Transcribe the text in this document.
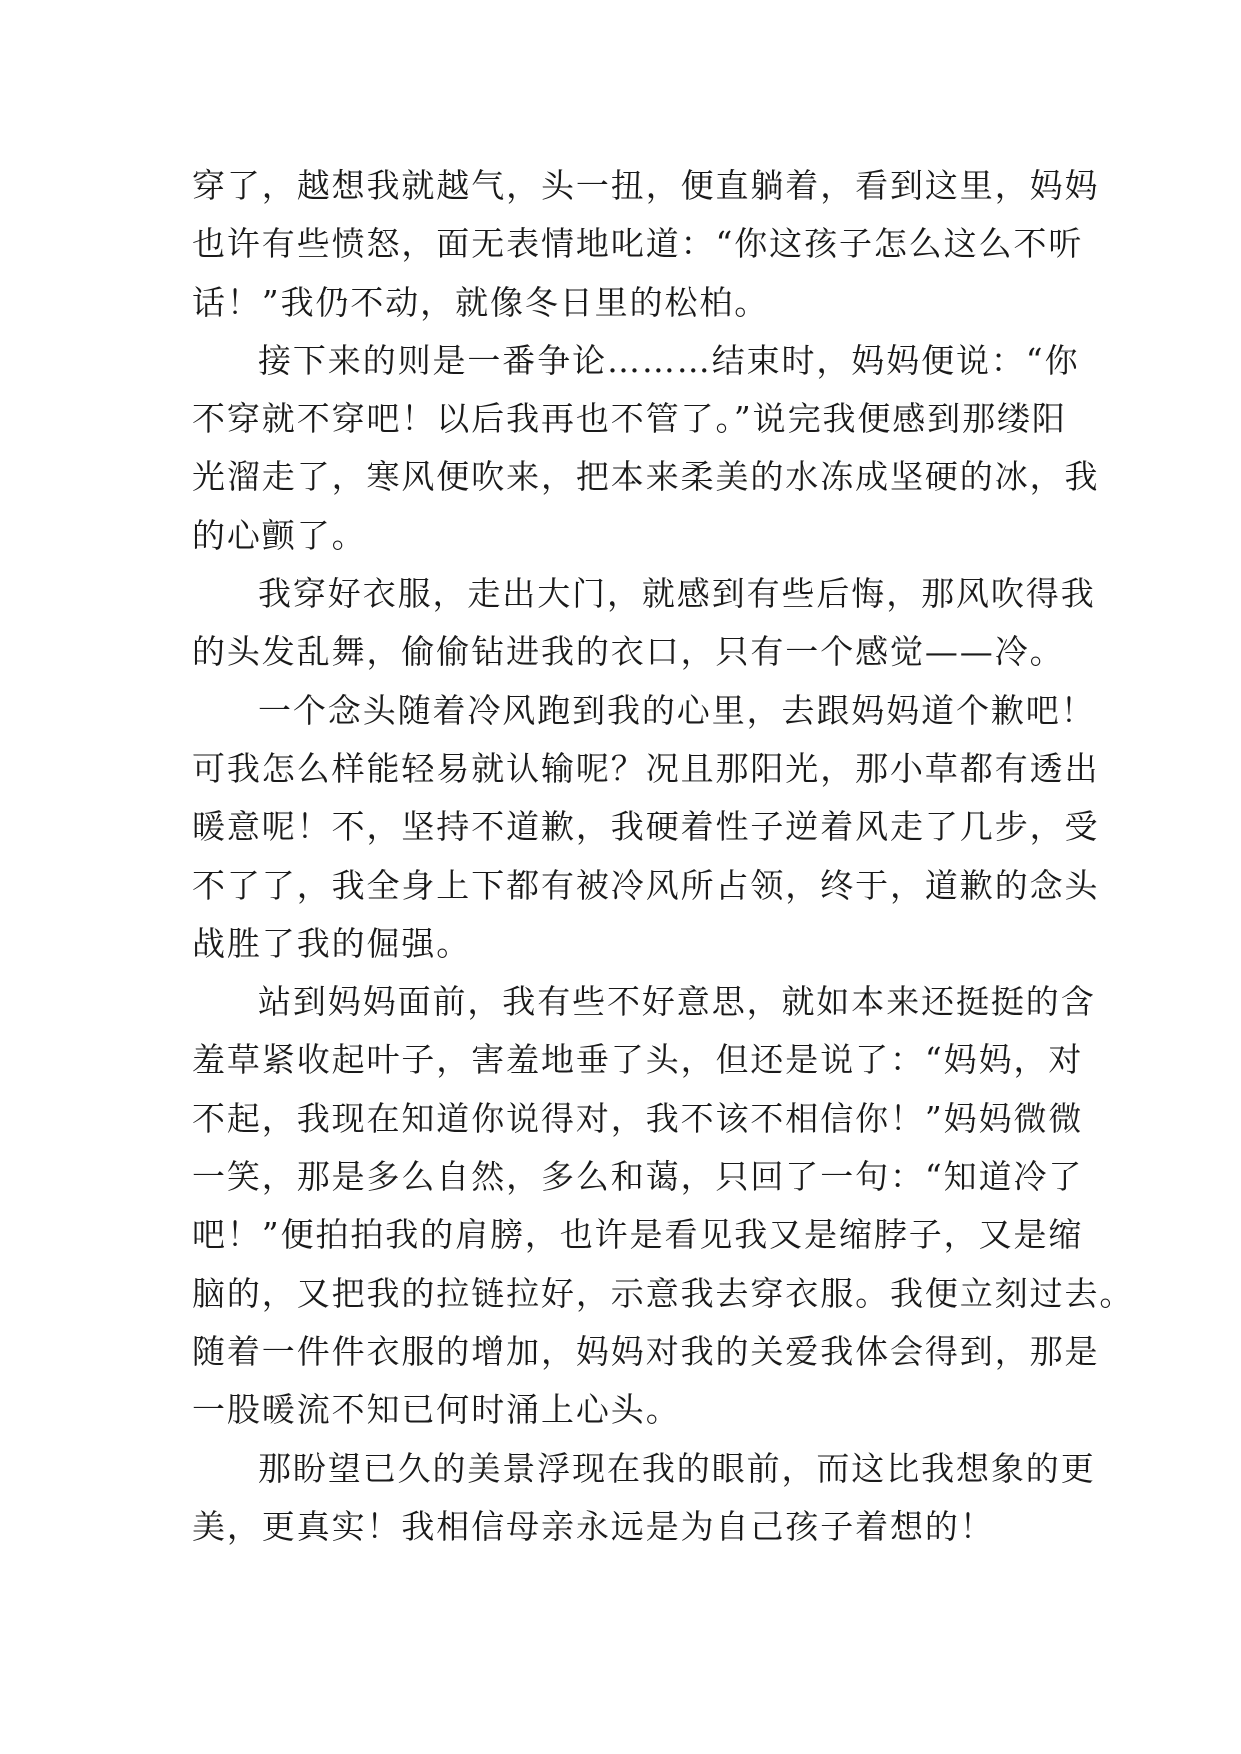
穿了，越想我就越气，头一扭，便直躺着，看到这里，妈妈
也许有些愤怒，面无表情地叱道：“你这孩子怎么这么不听
话！”我仍不动，就像冬日里的松柏。
接下来的则是一番争论………结束时，妈妈便说：“你
不穿就不穿吧！以后我再也不管了。”说完我便感到那缕阳
光溜走了，寒风便吹来，把本来柔美的水冻成坚硬的冰，我
的心颤了。
我穿好衣服，走出大门，就感到有些后悔，那风吹得我
的头发乱舞，偷偷钻进我的衣口，只有一个感觉——冷。
一个念头随着冷风跑到我的心里，去跟妈妈道个歉吧！
可我怎么样能轻易就认输呢？况且那阳光，那小草都有透出
暖意呢！不，坚持不道歉，我硬着性子逆着风走了几步，受
不了了，我全身上下都有被冷风所占领，终于，道歉的念头
战胜了我的倔强。
站到妈妈面前，我有些不好意思，就如本来还挺挺的含
羞草紧收起叶子，害羞地垂了头，但还是说了：“妈妈，对
不起，我现在知道你说得对，我不该不相信你！”妈妈微微
一笑，那是多么自然，多么和蔼，只回了一句：“知道冷了
吧！”便拍拍我的肩膀，也许是看见我又是缩脖子，又是缩
脑的，又把我的拉链拉好，示意我去穿衣服。我便立刻过去。
随着一件件衣服的增加，妈妈对我的关爱我体会得到，那是
一股暖流不知已何时涌上心头。
那盼望已久的美景浮现在我的眼前，而这比我想象的更
美，更真实！我相信母亲永远是为自己孩子着想的！
